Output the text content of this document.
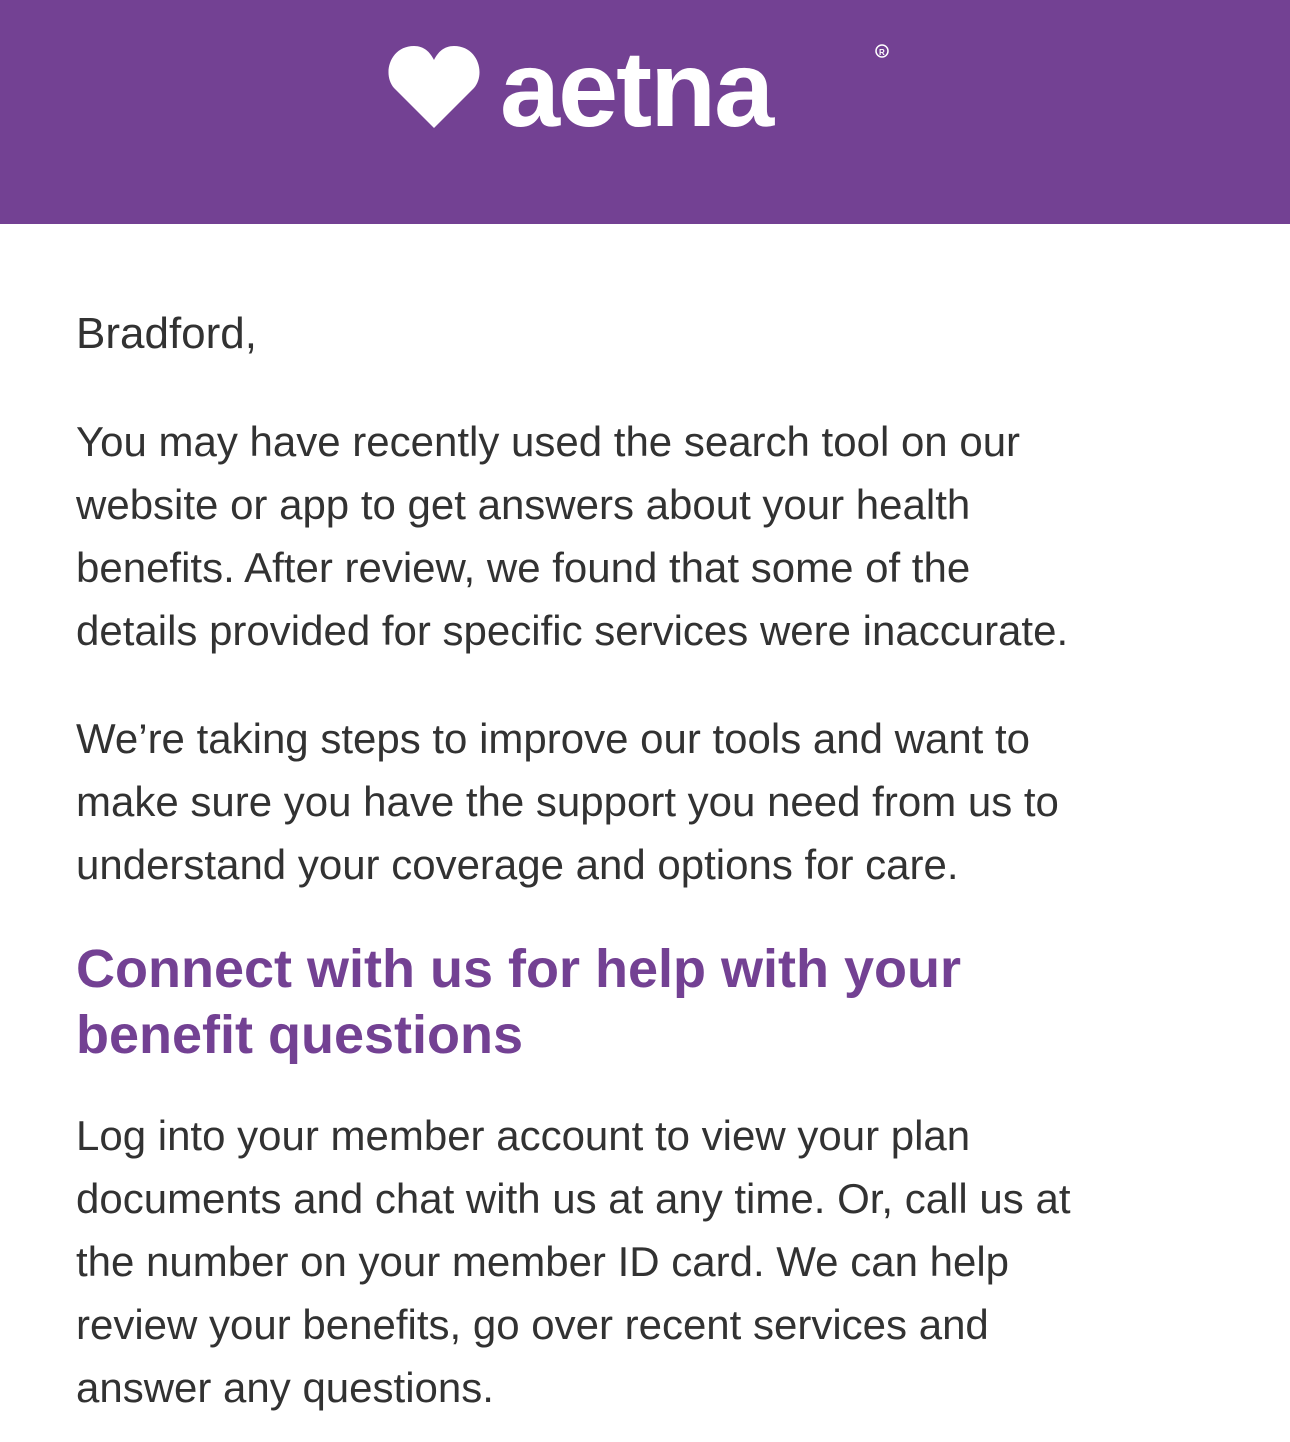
aetna	R

Bradford,

You may have recently used the search tool on our
website or app to get answers about your health
benefits. After review, we found that some of the
details provided for specific services were inaccurate.

We’re taking steps to improve our tools and want to
make sure you have the support you need from us to
understand your coverage and options for care.

Connect with us for help with your
benefit questions

Log into your member account to view your plan
documents and chat with us at any time. Or, call us at
the number on your member ID card. We can help
review your benefits, go over recent services and
answer any questions.
